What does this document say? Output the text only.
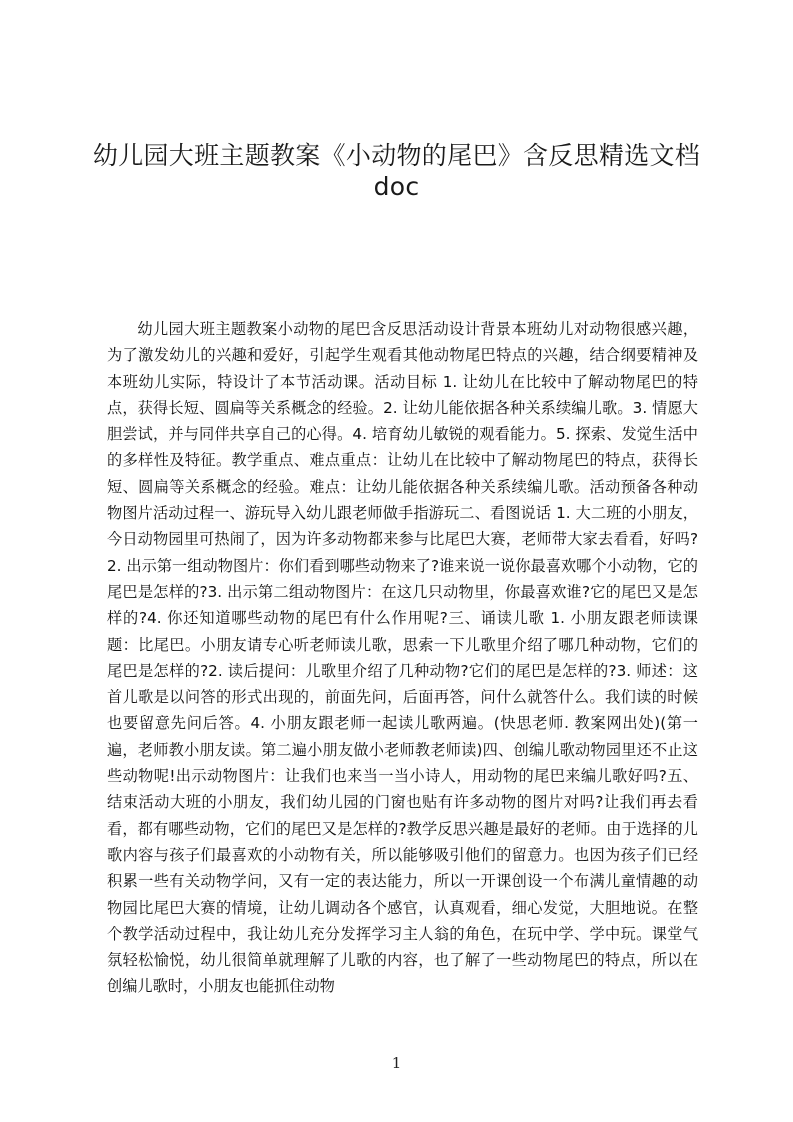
幼儿园大班主题教案《小动物的尾巴》含反思精选文档
doc

幼儿园大班主题教案小动物的尾巴含反思活动设计背景本班幼儿对动物很感兴趣，为了激发幼儿的兴趣和爱好，引起学生观看其他动物尾巴特点的兴趣，结合纲要精神及本班幼儿实际，特设计了本节活动课。活动目标 1. 让幼儿在比较中了解动物尾巴的特点，获得长短、圆扁等关系概念的经验。2. 让幼儿能依据各种关系续编儿歌。3. 情愿大胆尝试，并与同伴共享自己的心得。4. 培育幼儿敏锐的观看能力。5. 探索、发觉生活中的多样性及特征。教学重点、难点重点：让幼儿在比较中了解动物尾巴的特点，获得长短、圆扁等关系概念的经验。难点：让幼儿能依据各种关系续编儿歌。活动预备各种动物图片活动过程一、游玩导入幼儿跟老师做手指游玩二、看图说话 1. 大二班的小朋友，今日动物园里可热闹了，因为许多动物都来参与比尾巴大赛，老师带大家去看看，好吗?2. 出示第一组动物图片：你们看到哪些动物来了?谁来说一说你最喜欢哪个小动物，它的尾巴是怎样的?3. 出示第二组动物图片：在这几只动物里，你最喜欢谁?它的尾巴又是怎样的?4. 你还知道哪些动物的尾巴有什么作用呢?三、诵读儿歌 1. 小朋友跟老师读课题：比尾巴。小朋友请专心听老师读儿歌，思索一下儿歌里介绍了哪几种动物，它们的尾巴是怎样的?2. 读后提问：儿歌里介绍了几种动物?它们的尾巴是怎样的?3. 师述：这首儿歌是以问答的形式出现的，前面先问，后面再答，问什么就答什么。我们读的时候也要留意先问后答。4. 小朋友跟老师一起读儿歌两遍。(快思老师. 教案网出处)(第一遍，老师教小朋友读。第二遍小朋友做小老师教老师读)四、创编儿歌动物园里还不止这些动物呢!出示动物图片：让我们也来当一当小诗人，用动物的尾巴来编儿歌好吗?五、结束活动大班的小朋友，我们幼儿园的门窗也贴有许多动物的图片对吗?让我们再去看看，都有哪些动物，它们的尾巴又是怎样的?教学反思兴趣是最好的老师。由于选择的儿歌内容与孩子们最喜欢的小动物有关，所以能够吸引他们的留意力。也因为孩子们已经积累一些有关动物学问，又有一定的表达能力，所以一开课创设一个布满儿童情趣的动物园比尾巴大赛的情境，让幼儿调动各个感官，认真观看，细心发觉，大胆地说。在整个教学活动过程中，我让幼儿充分发挥学习主人翁的角色，在玩中学、学中玩。课堂气氛轻松愉悦，幼儿很简单就理解了儿歌的内容，也了解了一些动物尾巴的特点，所以在创编儿歌时，小朋友也能抓住动物

1
